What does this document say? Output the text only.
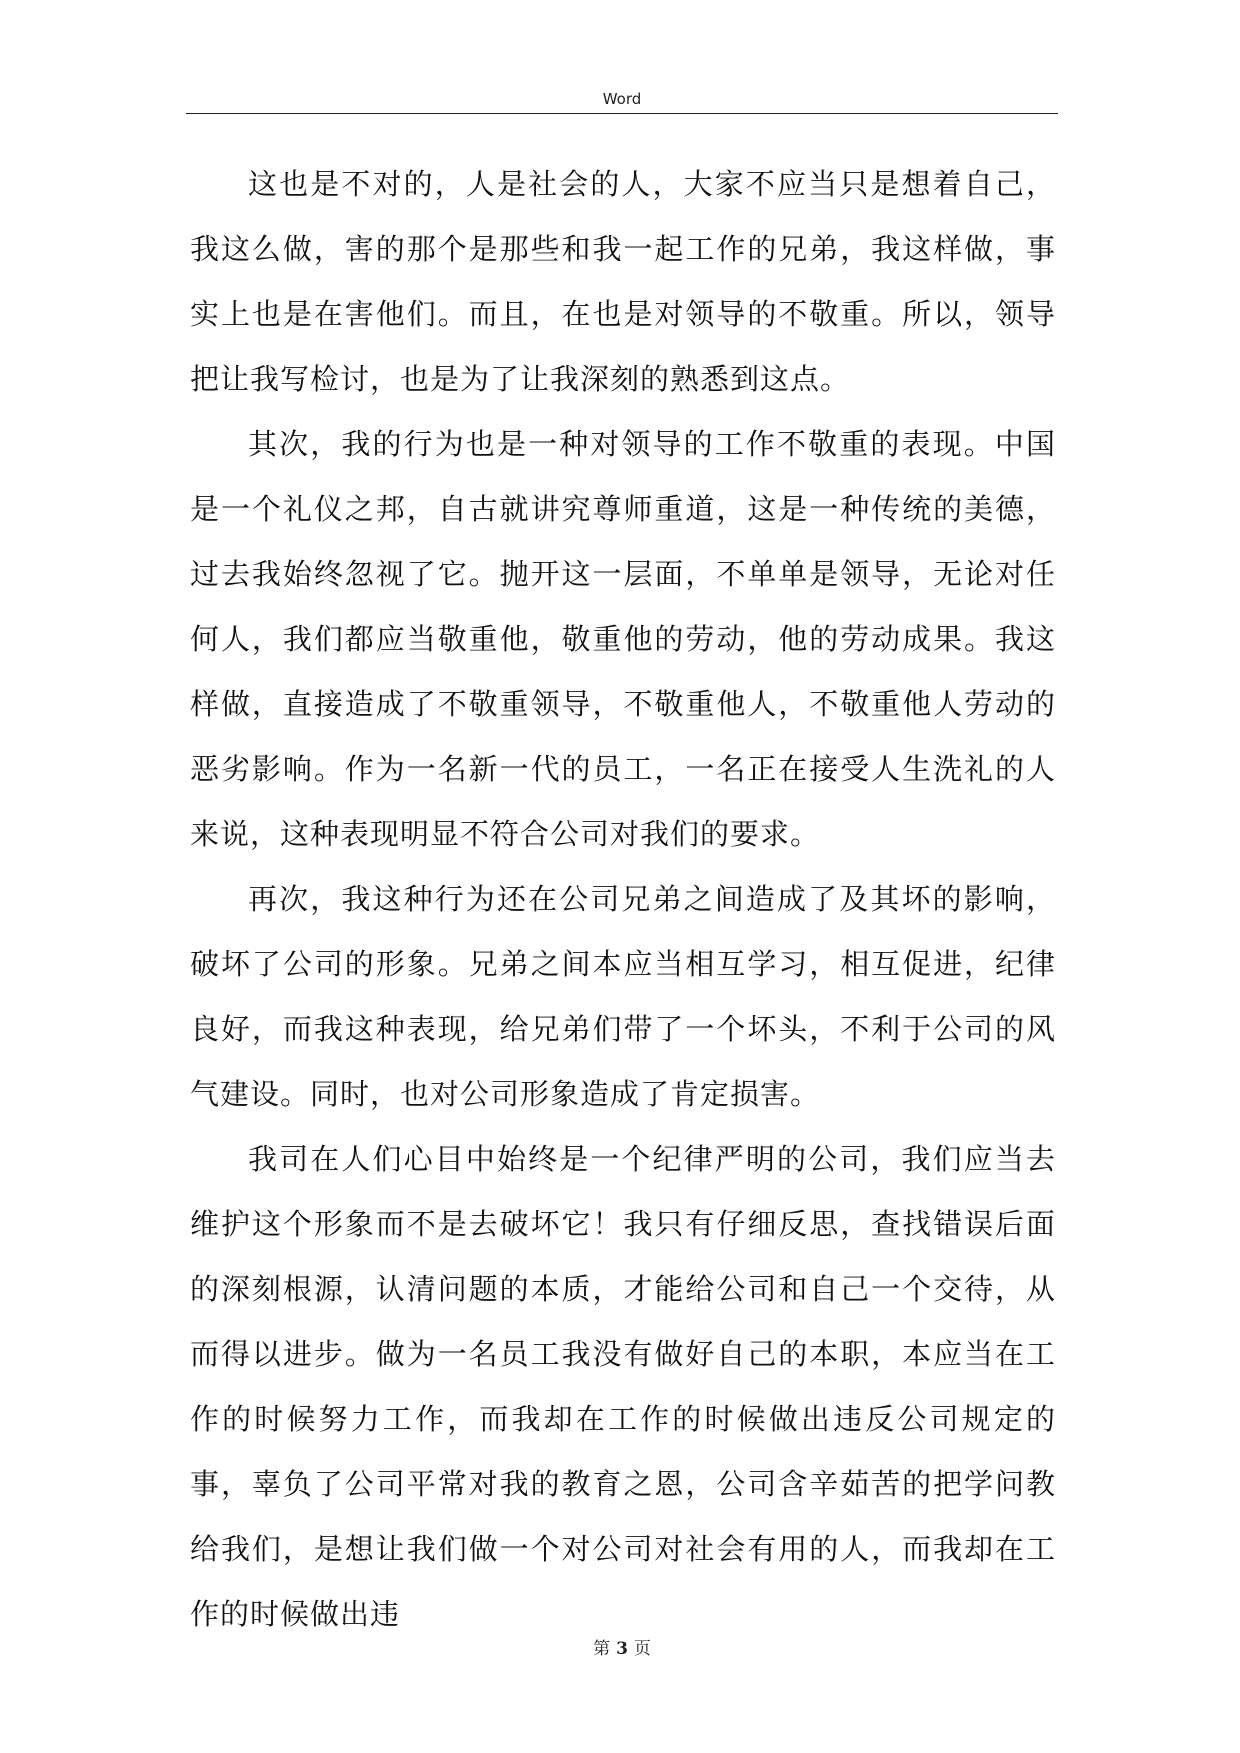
Word

这也是不对的，人是社会的人，大家不应当只是想着自己，我这么做，害的那个是那些和我一起工作的兄弟，我这样做，事实上也是在害他们。而且，在也是对领导的不敬重。所以，领导把让我写检讨，也是为了让我深刻的熟悉到这点。

其次，我的行为也是一种对领导的工作不敬重的表现。中国是一个礼仪之邦，自古就讲究尊师重道，这是一种传统的美德，过去我始终忽视了它。抛开这一层面，不单单是领导，无论对任何人，我们都应当敬重他，敬重他的劳动，他的劳动成果。我这样做，直接造成了不敬重领导，不敬重他人，不敬重他人劳动的恶劣影响。作为一名新一代的员工，一名正在接受人生洗礼的人来说，这种表现明显不符合公司对我们的要求。

再次，我这种行为还在公司兄弟之间造成了及其坏的影响，破坏了公司的形象。兄弟之间本应当相互学习，相互促进，纪律良好，而我这种表现，给兄弟们带了一个坏头，不利于公司的风气建设。同时，也对公司形象造成了肯定损害。

我司在人们心目中始终是一个纪律严明的公司，我们应当去维护这个形象而不是去破坏它！我只有仔细反思，查找错误后面的深刻根源，认清问题的本质，才能给公司和自己一个交待，从而得以进步。做为一名员工我没有做好自己的本职，本应当在工作的时候努力工作，而我却在工作的时候做出违反公司规定的事，辜负了公司平常对我的教育之恩，公司含辛茹苦的把学问教给我们，是想让我们做一个对公司对社会有用的人，而我却在工作的时候做出违

第 3 页
